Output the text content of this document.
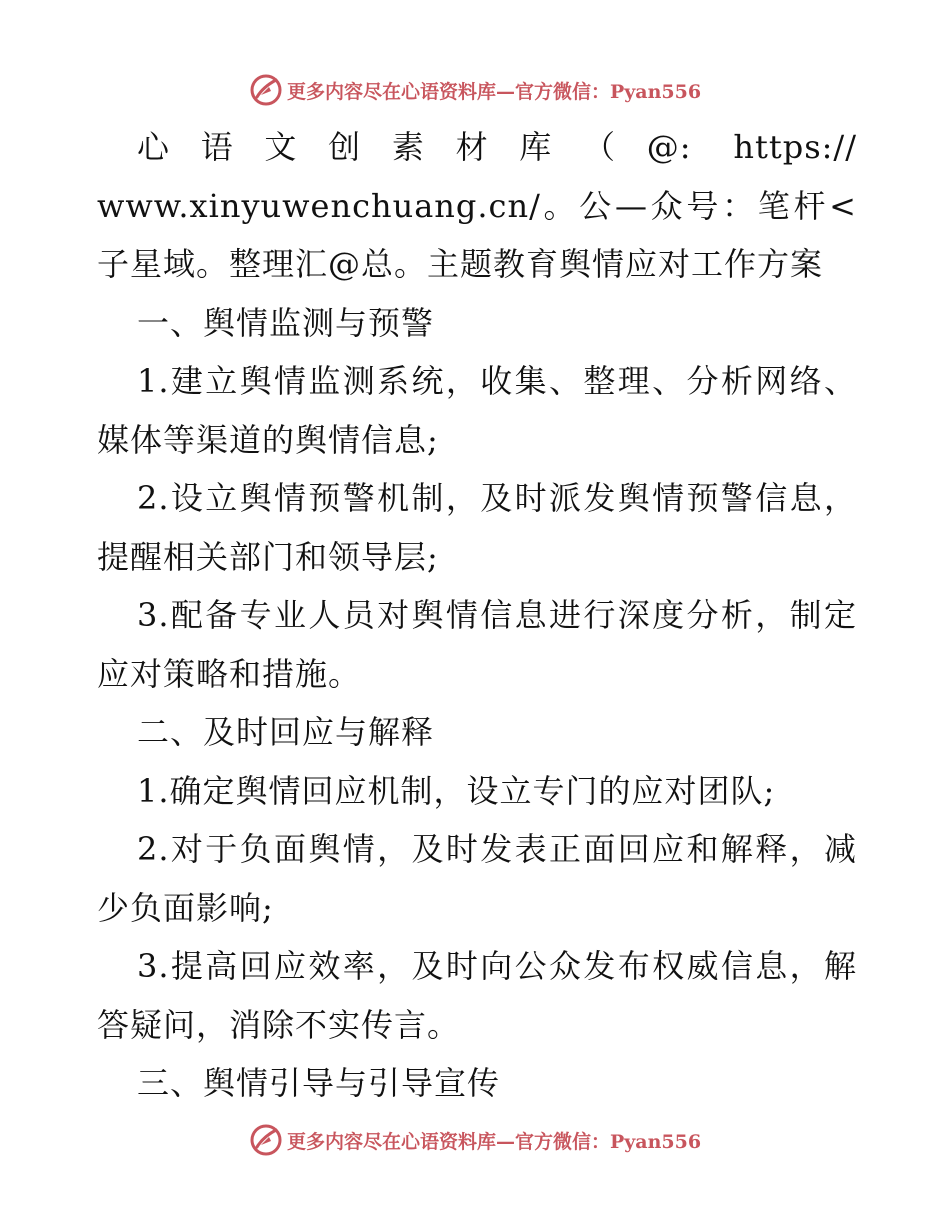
更多内容尽在心语资料库—官方微信：Pyan556

心语文创素材库（@: https:// www.xinyuwenchuang.cn/。公—众号：笔杆<子星域。整理汇@总。主题教育舆情应对工作方案

一、舆情监测与预警

1.建立舆情监测系统，收集、整理、分析网络、媒体等渠道的舆情信息;

2.设立舆情预警机制，及时派发舆情预警信息，提醒相关部门和领导层;

3.配备专业人员对舆情信息进行深度分析，制定应对策略和措施。

二、及时回应与解释

1.确定舆情回应机制，设立专门的应对团队;

2.对于负面舆情，及时发表正面回应和解释，减少负面影响;

3.提高回应效率，及时向公众发布权威信息，解答疑问，消除不实传言。

三、舆情引导与引导宣传

更多内容尽在心语资料库—官方微信：Pyan556
